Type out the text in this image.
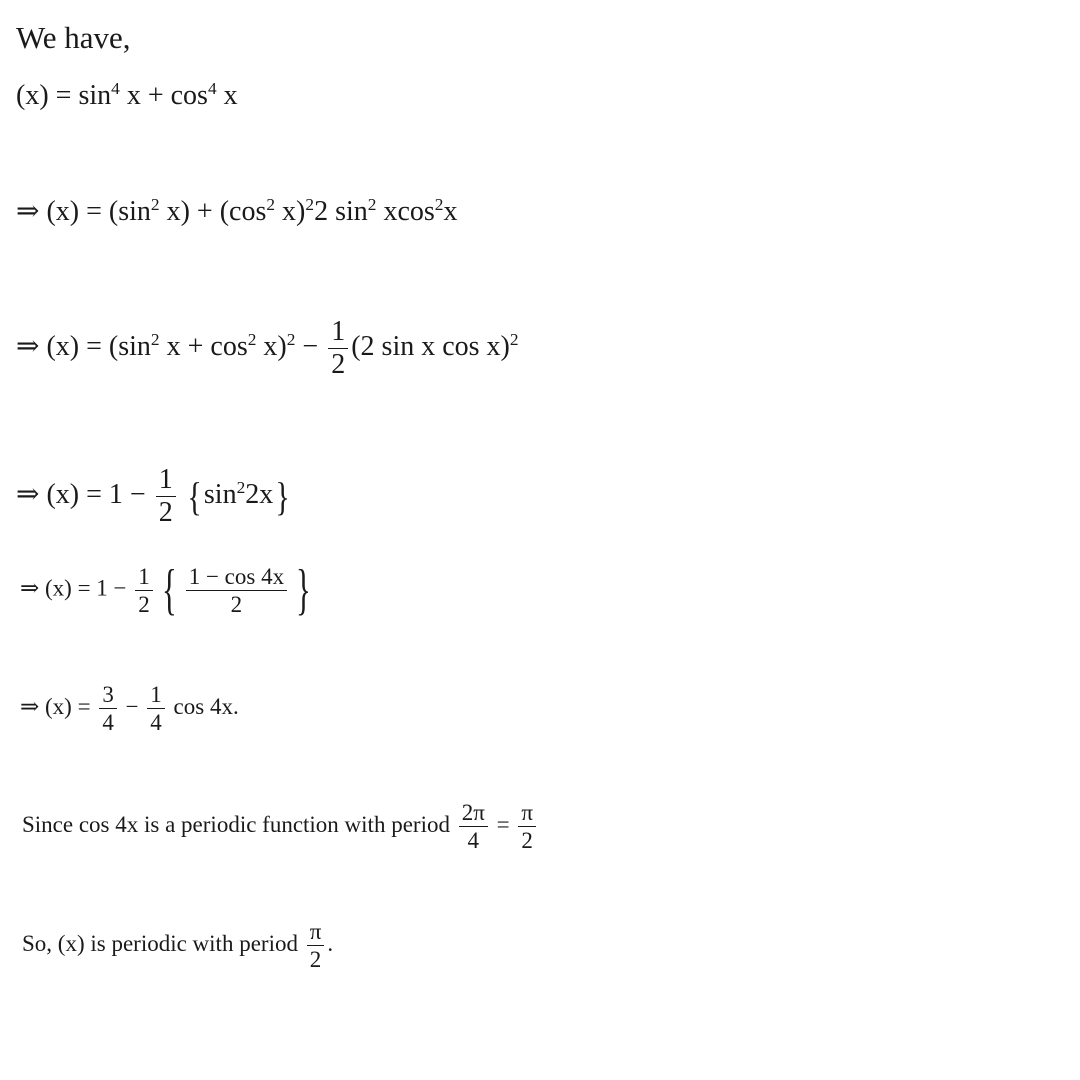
We have,
$(x) = \sin^4 x + \cos^4 x$
⇒ $(x) = (\sin^2$ $x) + (\cos^2$ x)$^2$2 $\sin^2 xcos^2x$
⇒ $(x) = (\sin^2$ $x + \cos^2 x)^2 - \frac{1}{2} (2$ sin x cos x)$^2$
⇒ $(x) = 1 - \frac{1}{2} \{\sin^22x\}$
⇒ $(x) = 1 - \frac{1}{2}$ { $\frac{1 - \cos 4x}{2}$ }
⇒ $(x) = \frac{3}{4} - \frac{1}{4}$ cos 4x.
Since cos 4x is a periodic function with period $\frac{2\pi}{4} = \frac{\pi}{2}$
So, (x) is periodic with period $\frac{\pi}{2}$ .
